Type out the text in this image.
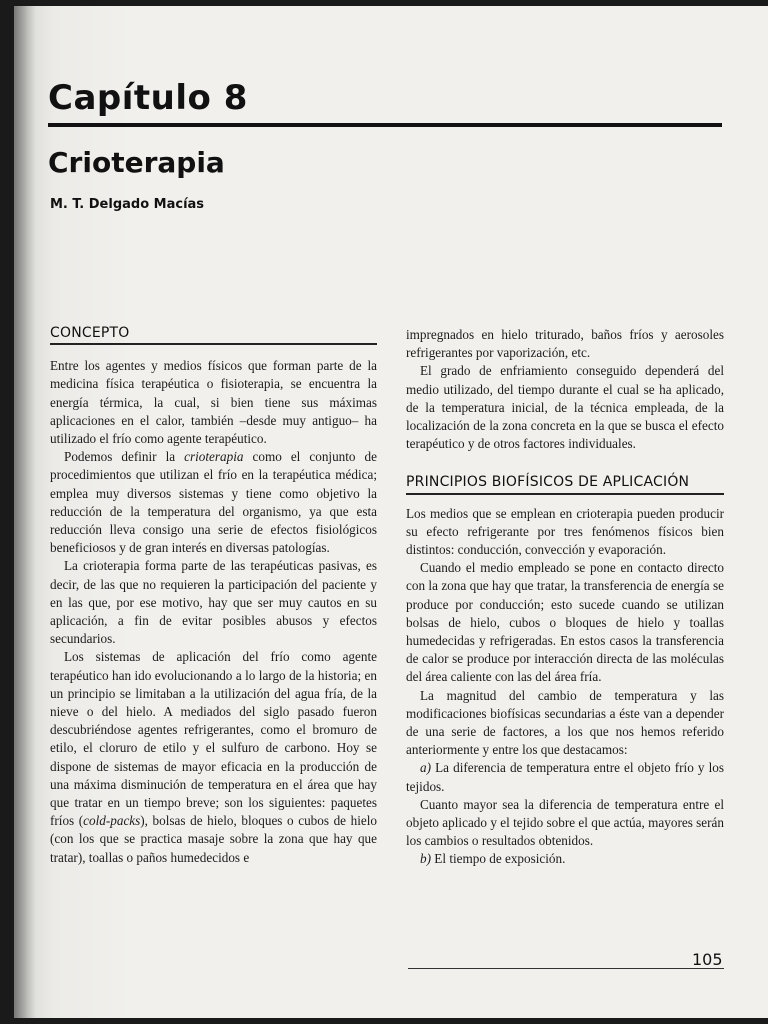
Capítulo 8
Crioterapia
M. T. Delgado Macías
CONCEPTO

Entre los agentes y medios físicos que forman parte de la medicina física terapéutica o fisioterapia, se encuentra la energía térmica, la cual, si bien tiene sus máximas aplicaciones en el calor, también –desde muy antiguo– ha utilizado el frío como agente terapéutico.

Podemos definir la crioterapia como el conjunto de procedimientos que utilizan el frío en la terapéutica médica; emplea muy diversos sistemas y tiene como objetivo la reducción de la temperatura del organismo, ya que esta reducción lleva consigo una serie de efectos fisiológicos beneficiosos y de gran interés en diversas patologías.

La crioterapia forma parte de las terapéuticas pasivas, es decir, de las que no requieren la participación del paciente y en las que, por ese motivo, hay que ser muy cautos en su aplicación, a fin de evitar posibles abusos y efectos secundarios.

Los sistemas de aplicación del frío como agente terapéutico han ido evolucionando a lo largo de la historia; en un principio se limitaban a la utilización del agua fría, de la nieve o del hielo. A mediados del siglo pasado fueron descubriéndose agentes refrigerantes, como el bromuro de etilo, el cloruro de etilo y el sulfuro de carbono. Hoy se dispone de sistemas de mayor eficacia en la producción de una máxima disminución de temperatura en el área que hay que tratar en un tiempo breve; son los siguientes: paquetes fríos (cold-packs), bolsas de hielo, bloques o cubos de hielo (con los que se practica masaje sobre la zona que hay que tratar), toallas o paños humedecidos e

impregnados en hielo triturado, baños fríos y aerosoles refrigerantes por vaporización, etc.

El grado de enfriamiento conseguido dependerá del medio utilizado, del tiempo durante el cual se ha aplicado, de la temperatura inicial, de la técnica empleada, de la localización de la zona concreta en la que se busca el efecto terapéutico y de otros factores individuales.

PRINCIPIOS BIOFÍSICOS DE APLICACIÓN

Los medios que se emplean en crioterapia pueden producir su efecto refrigerante por tres fenómenos físicos bien distintos: conducción, convección y evaporación.

Cuando el medio empleado se pone en contacto directo con la zona que hay que tratar, la transferencia de energía se produce por conducción; esto sucede cuando se utilizan bolsas de hielo, cubos o bloques de hielo y toallas humedecidas y refrigeradas. En estos casos la transferencia de calor se produce por interacción directa de las moléculas del área caliente con las del área fría.

La magnitud del cambio de temperatura y las modificaciones biofísicas secundarias a éste van a depender de una serie de factores, a los que nos hemos referido anteriormente y entre los que destacamos:

a) La diferencia de temperatura entre el objeto frío y los tejidos.

Cuanto mayor sea la diferencia de temperatura entre el objeto aplicado y el tejido sobre el que actúa, mayores serán los cambios o resultados obtenidos.

b) El tiempo de exposición.

105
